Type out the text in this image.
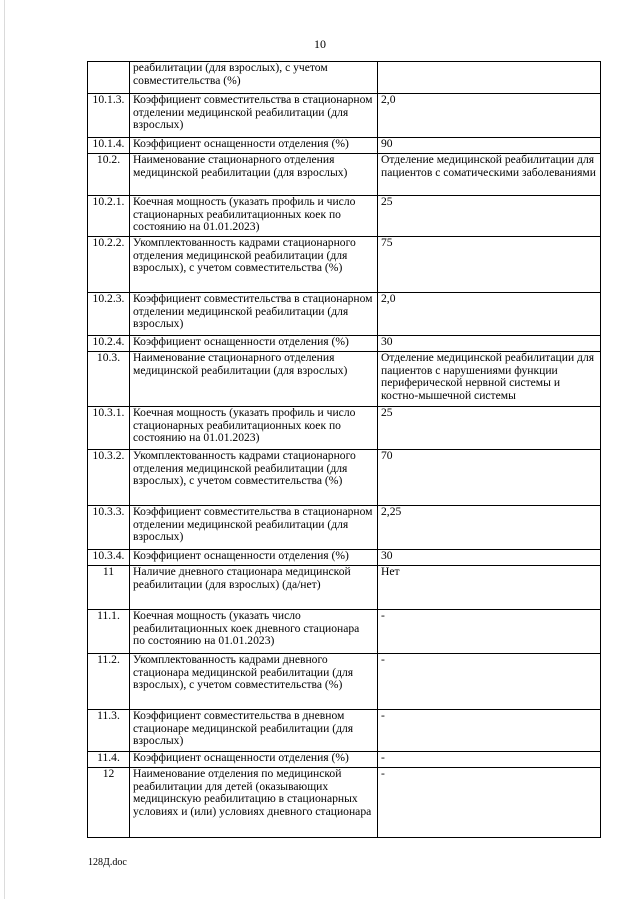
10
	реабилитации (для взрослых), с учетом совместительства (%)	
10.1.3.	Коэффициент совместительства в стационарном отделении медицинской реабилитации (для взрослых)	2,0
10.1.4.	Коэффициент оснащенности отделения (%)	90
10.2.	Наименование стационарного отделения медицинской реабилитации (для взрослых)	Отделение медицинской реабилитации для пациентов с соматическими заболеваниями
10.2.1.	Коечная мощность (указать профиль и число стационарных реабилитационных коек по состоянию на 01.01.2023)	25
10.2.2.	Укомплектованность кадрами стационарного отделения медицинской реабилитации (для взрослых), с учетом совместительства (%)	75
10.2.3.	Коэффициент совместительства в стационарном отделении медицинской реабилитации (для взрослых)	2,0
10.2.4.	Коэффициент оснащенности отделения (%)	30
10.3.	Наименование стационарного отделения медицинской реабилитации (для взрослых)	Отделение медицинской реабилитации для пациентов с нарушениями функции периферической нервной системы и костно-мышечной системы
10.3.1.	Коечная мощность (указать профиль и число стационарных реабилитационных коек по состоянию на 01.01.2023)	25
10.3.2.	Укомплектованность кадрами стационарного отделения медицинской реабилитации (для взрослых), с учетом совместительства (%)	70
10.3.3.	Коэффициент совместительства в стационарном отделении медицинской реабилитации (для взрослых)	2,25
10.3.4.	Коэффициент оснащенности отделения (%)	30
11	Наличие дневного стационара медицинской реабилитации (для взрослых) (да/нет)	Нет
11.1.	Коечная мощность (указать число реабилитационных коек дневного стационара по состоянию на 01.01.2023)	-
11.2.	Укомплектованность кадрами дневного стационара медицинской реабилитации (для взрослых), с учетом совместительства (%)	-
11.3.	Коэффициент совместительства в дневном стационаре медицинской реабилитации (для взрослых)	-
11.4.	Коэффициент оснащенности отделения (%)	-
12	Наименование отделения по медицинской реабилитации для детей (оказывающих медицинскую реабилитацию в стационарных условиях и (или) условиях дневного стационара	-
128Д.doc
